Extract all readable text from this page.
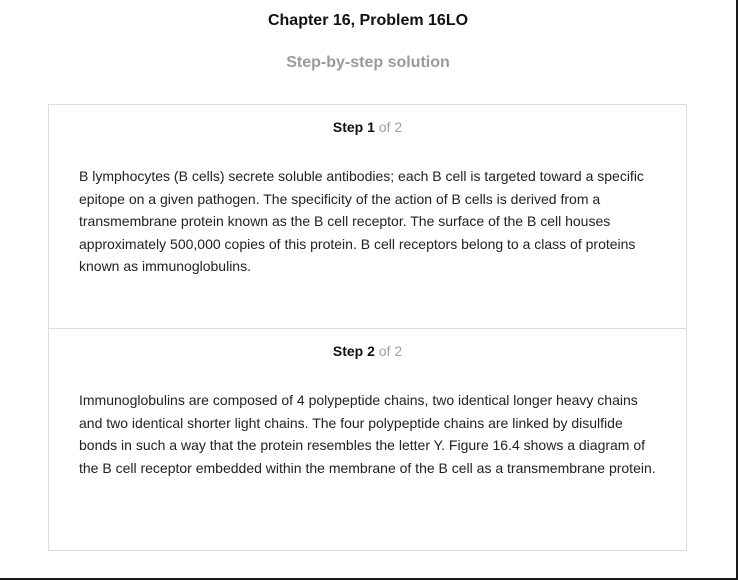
Chapter 16, Problem 16LO
Step-by-step solution
Step 1 of 2

B lymphocytes (B cells) secrete soluble antibodies; each B cell is targeted toward a specific epitope on a given pathogen. The specificity of the action of B cells is derived from a transmembrane protein known as the B cell receptor. The surface of the B cell houses approximately 500,000 copies of this protein. B cell receptors belong to a class of proteins known as immunoglobulins.

Step 2 of 2

Immunoglobulins are composed of 4 polypeptide chains, two identical longer heavy chains and two identical shorter light chains. The four polypeptide chains are linked by disulfide bonds in such a way that the protein resembles the letter Y. Figure 16.4 shows a diagram of the B cell receptor embedded within the membrane of the B cell as a transmembrane protein.
